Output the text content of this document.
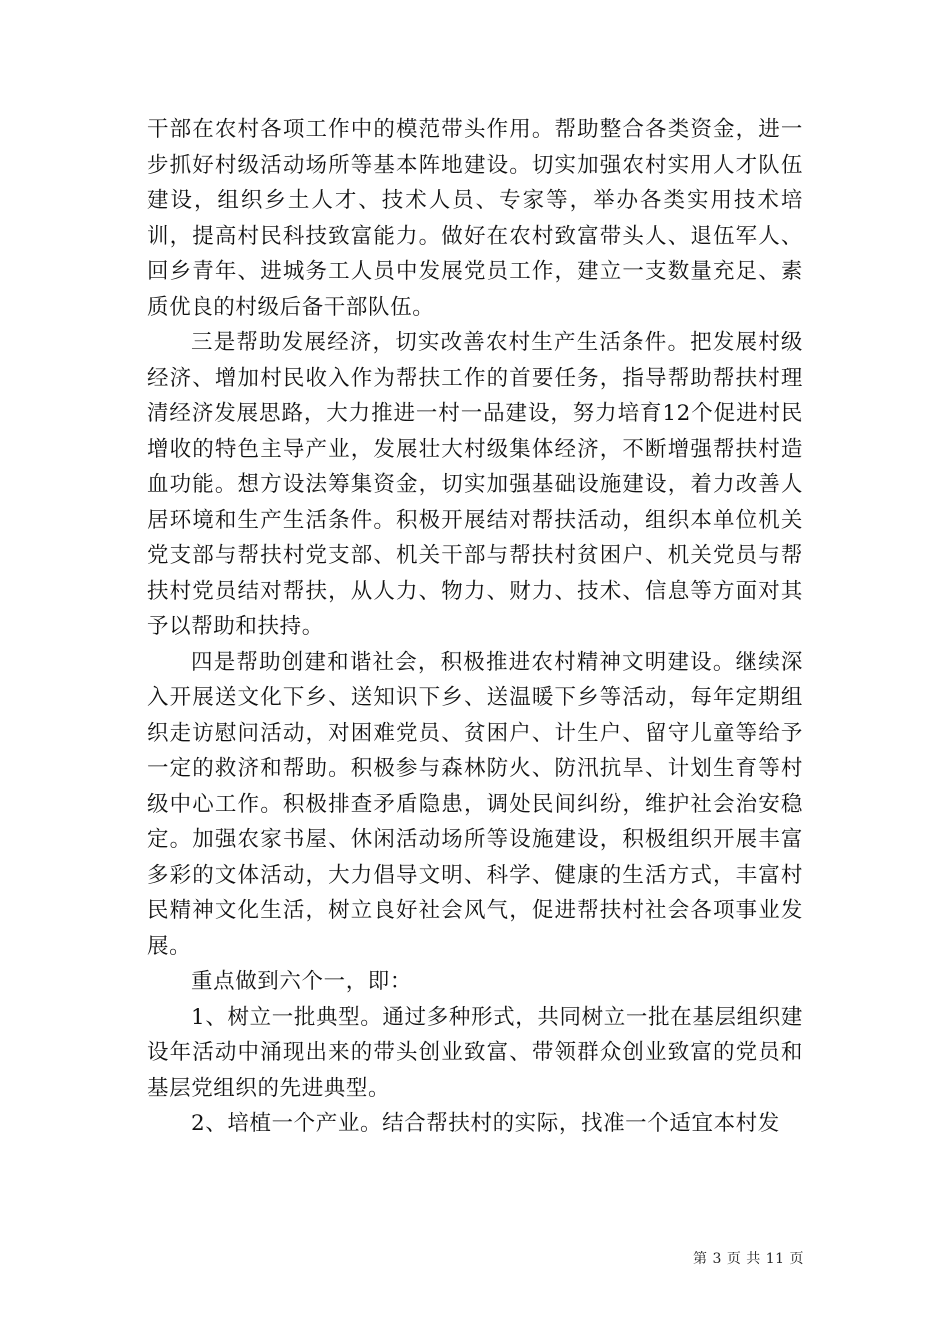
干部在农村各项工作中的模范带头作用。帮助整合各类资金，进一步抓好村级活动场所等基本阵地建设。切实加强农村实用人才队伍建设，组织乡土人才、技术人员、专家等，举办各类实用技术培训，提高村民科技致富能力。做好在农村致富带头人、退伍军人、回乡青年、进城务工人员中发展党员工作，建立一支数量充足、素质优良的村级后备干部队伍。

三是帮助发展经济，切实改善农村生产生活条件。把发展村级经济、增加村民收入作为帮扶工作的首要任务，指导帮助帮扶村理清经济发展思路，大力推进一村一品建设，努力培育12个促进村民增收的特色主导产业，发展壮大村级集体经济，不断增强帮扶村造血功能。想方设法筹集资金，切实加强基础设施建设，着力改善人居环境和生产生活条件。积极开展结对帮扶活动，组织本单位机关党支部与帮扶村党支部、机关干部与帮扶村贫困户、机关党员与帮扶村党员结对帮扶，从人力、物力、财力、技术、信息等方面对其予以帮助和扶持。

四是帮助创建和谐社会，积极推进农村精神文明建设。继续深入开展送文化下乡、送知识下乡、送温暖下乡等活动，每年定期组织走访慰问活动，对困难党员、贫困户、计生户、留守儿童等给予一定的救济和帮助。积极参与森林防火、防汛抗旱、计划生育等村级中心工作。积极排查矛盾隐患，调处民间纠纷，维护社会治安稳定。加强农家书屋、休闲活动场所等设施建设，积极组织开展丰富多彩的文体活动，大力倡导文明、科学、健康的生活方式，丰富村民精神文化生活，树立良好社会风气，促进帮扶村社会各项事业发展。

重点做到六个一，即：

1、树立一批典型。通过多种形式，共同树立一批在基层组织建设年活动中涌现出来的带头创业致富、带领群众创业致富的党员和基层党组织的先进典型。

2、培植一个产业。结合帮扶村的实际，找准一个适宜本村发

第 3 页 共 11 页
